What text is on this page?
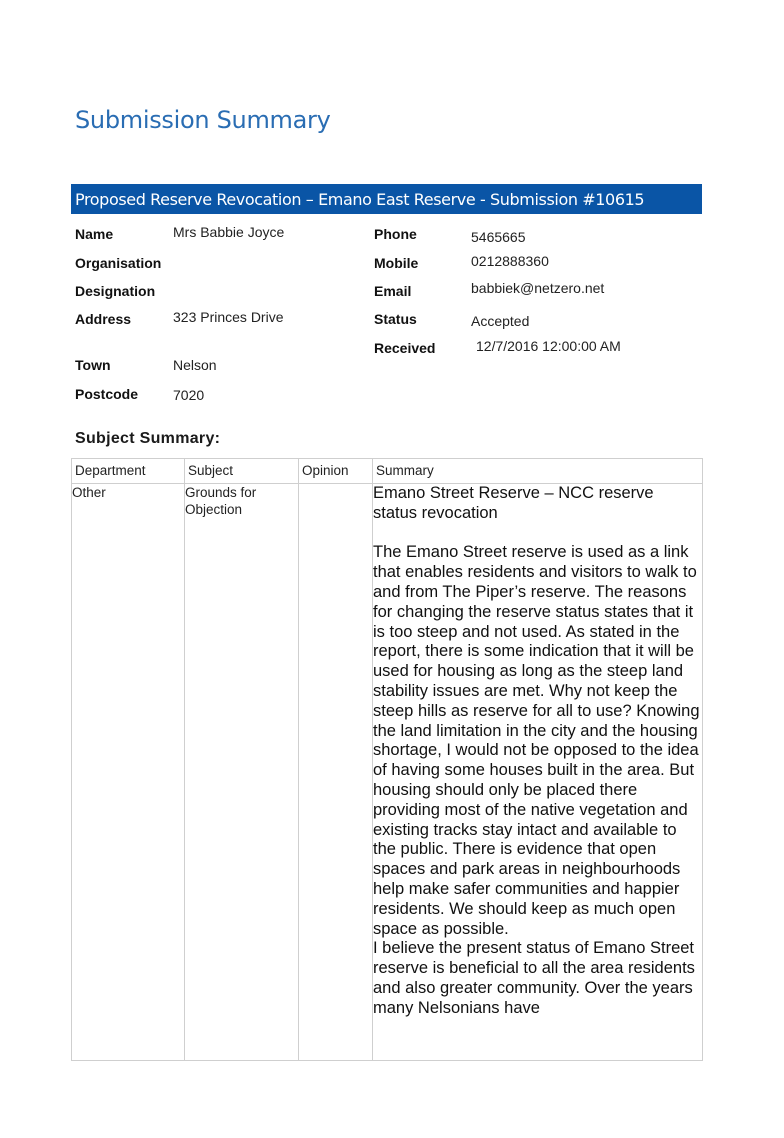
Submission Summary
Proposed Reserve Revocation – Emano East Reserve - Submission #10615
Name	Mrs Babbie Joyce
Organisation
Designation
Address	323 Princes Drive
Town	Nelson
Postcode 7020
Phone	5465665
Mobile	0212888360
Email	babbiek@netzero.net
Status	Accepted
Received	12/7/2016 12:00:00 AM
Subject Summary:
Department	Subject	Opinion	Summary
Other	Grounds for Objection		Emano Street Reserve – NCC reserve status revocation

The Emano Street reserve is used as a link that enables residents and visitors to walk to and from The Piper’s reserve. The reasons for changing the reserve status states that it is too steep and not used. As stated in the report, there is some indication that it will be used for housing as long as the steep land stability issues are met. Why not keep the steep hills as reserve for all to use? Knowing the land limitation in the city and the housing shortage, I would not be opposed to the idea of having some houses built in the area. But housing should only be placed there providing most of the native vegetation and existing tracks stay intact and available to the public. There is evidence that open spaces and park areas in neighbourhoods help make safer communities and happier residents. We should keep as much open space as possible.

I believe the present status of Emano Street reserve is beneficial to all the area residents and also greater community. Over the years many Nelsonians have
